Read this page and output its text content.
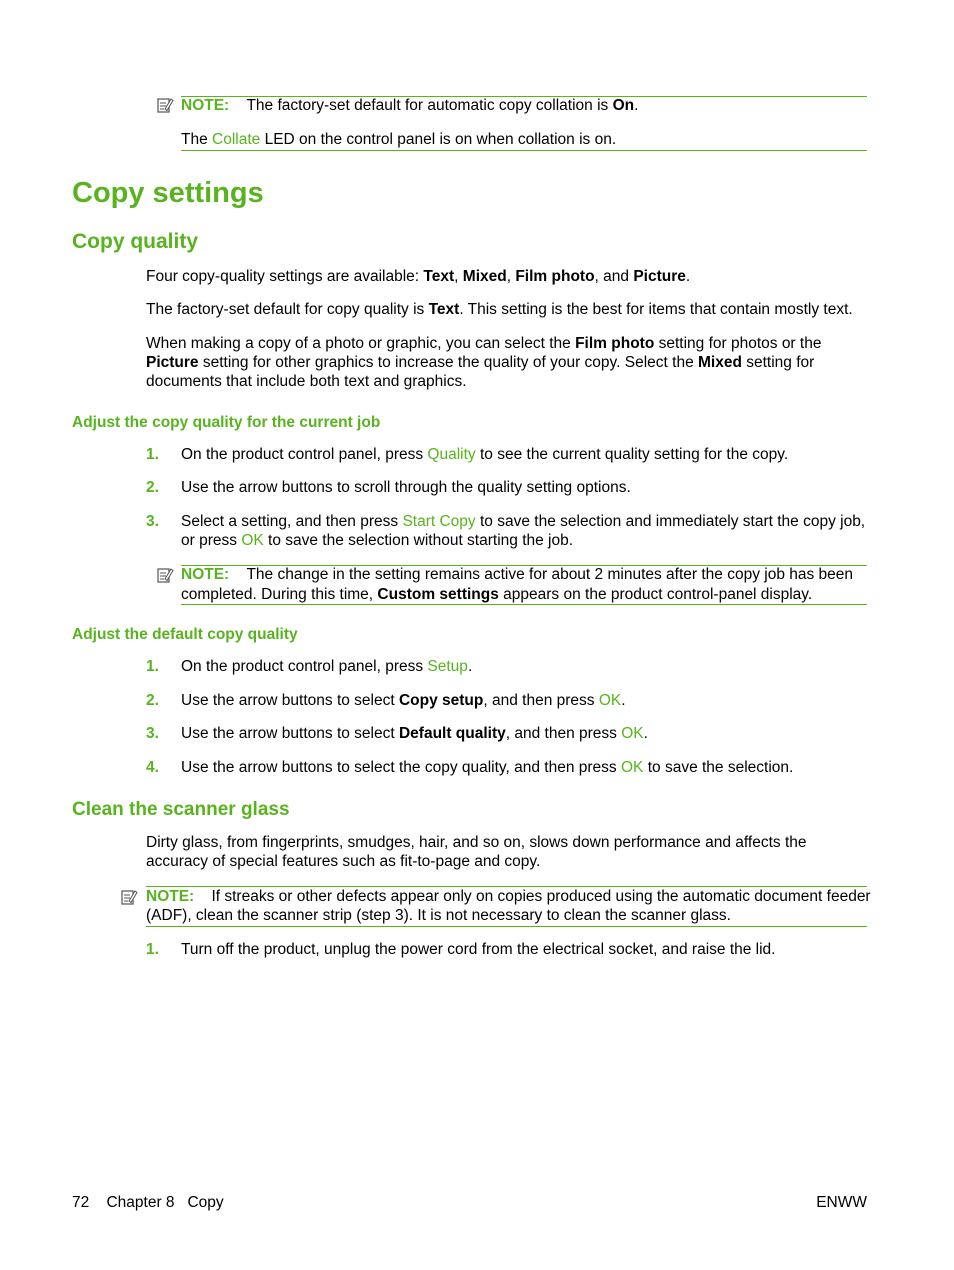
NOTE: The factory-set default for automatic copy collation is On.
The Collate LED on the control panel is on when collation is on.
Copy settings
Copy quality

Four copy-quality settings are available: Text, Mixed, Film photo, and Picture.

The factory-set default for copy quality is Text. This setting is the best for items that contain mostly text.

When making a copy of a photo or graphic, you can select the Film photo setting for photos or the Picture setting for other graphics to increase the quality of your copy. Select the Mixed setting for documents that include both text and graphics.

Adjust the copy quality for the current job
1. On the product control panel, press Quality to see the current quality setting for the copy.

2. Use the arrow buttons to scroll through the quality setting options.

3. Select a setting, and then press Start Copy to save the selection and immediately start the copy job, or press OK to save the selection without starting the job.

NOTE: The change in the setting remains active for about 2 minutes after the copy job has been completed. During this time, Custom settings appears on the product control-panel display.

Adjust the default copy quality
1. On the product control panel, press Setup.

2. Use the arrow buttons to select Copy setup, and then press OK.

3. Use the arrow buttons to select Default quality, and then press OK.

4. Use the arrow buttons to select the copy quality, and then press OK to save the selection.

Clean the scanner glass

Dirty glass, from fingerprints, smudges, hair, and so on, slows down performance and affects the accuracy of special features such as fit-to-page and copy.

NOTE: If streaks or other defects appear only on copies produced using the automatic document feeder (ADF), clean the scanner strip (step 3). It is not necessary to clean the scanner glass.

1. Turn off the product, unplug the power cord from the electrical socket, and raise the lid.

72 Chapter 8 Copy	ENWW
